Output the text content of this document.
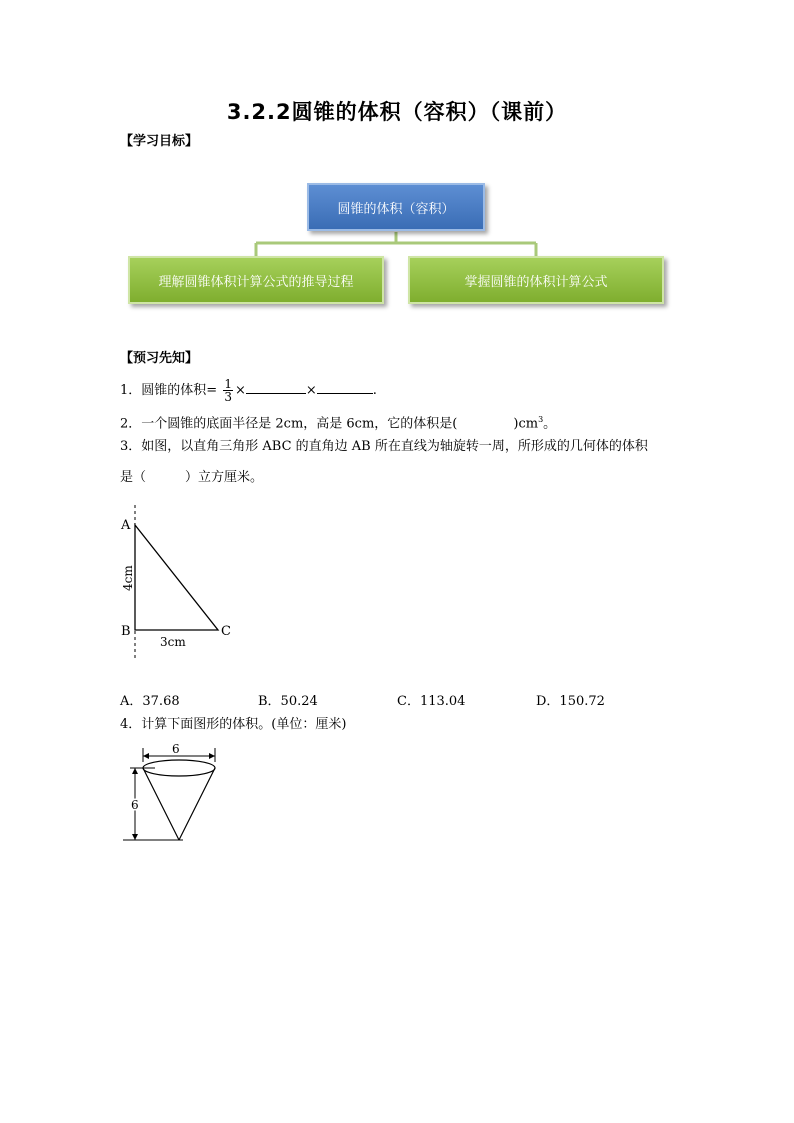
3.2.2圆锥的体积（容积）（课前）
【学习目标】
圆锥的体积（容积）
理解圆锥体积计算公式的推导过程	掌握圆锥的体积计算公式
【预习先知】
1．圆锥的体积= $\frac{1}{3}$ ×	×	.
2．一个圆锥的底面半径是 2cm，高是 6cm，它的体积是(	)$cm^3$。
3．如图，以直角三角形 ABC 的直角边 AB 所在直线为轴旋转一周，所形成的几何体的体积
是（　　　）立方厘米。
A
B	C
3cm
4cm
A．37.68	B．50.24	C．113.04	D．150.72
4．计算下面图形的体积。(单位：厘米)
6
6
